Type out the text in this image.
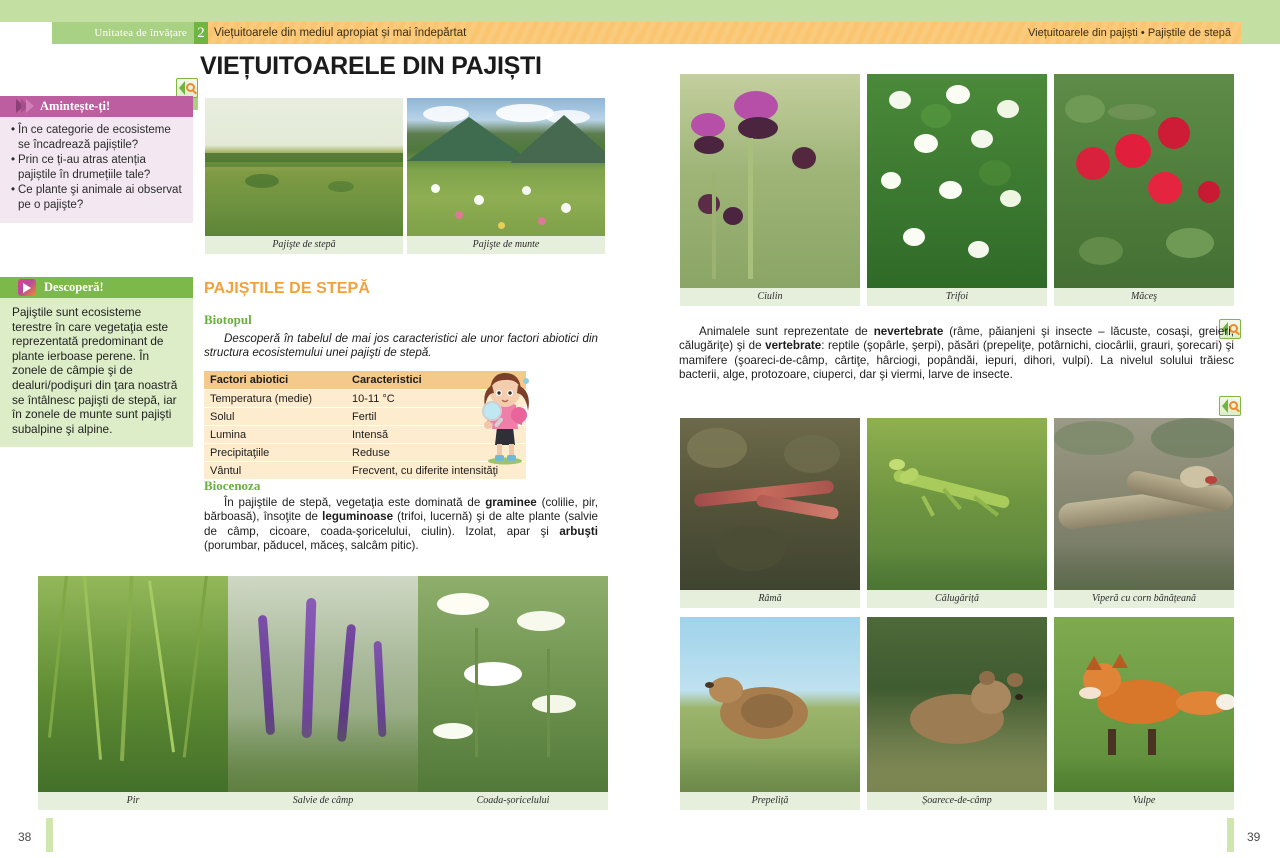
Unitatea de învățare 2 Viețuitoarele din mediul apropiat și mai îndepărtat	Viețuitoarele din pajiști • Pajiștile de stepă
VIEȚUITOARELE DIN PAJIȘTI
Amintește-ți!
• În ce categorie de ecosisteme se încadrează pajiștile?
• Prin ce ți-au atras atenția pajiștile în drumețiile tale?
• Ce plante şi animale ai observat pe o pajişte?
Descoperă!

Pajiştile sunt ecosisteme terestre în care vegetaţia este reprezentată predominant de plante ierboase perene. În zonele de câmpie şi de dealuri/podişuri din ţara noastră se întâlnesc pajişti de stepă, iar în zonele de munte sunt pajişti subalpine şi alpine.

Pajişte de stepă	Pajişte de munte
PAJIȘTILE DE STEPĂ
Biotopul
Descoperă în tabelul de mai jos caracteristici ale unor factori abiotici din structura ecosistemului unei pajişti de stepă.
Factori abiotici	Caracteristici
Temperatura (medie)	10-11 °C
Solul	Fertil
Lumina	Intensă
Precipitaţiile	Reduse
Vântul	Frecvent, cu diferite intensităţi
Biocenoza
În pajiştile de stepă, vegetaţia este dominată de graminee (colilie, pir, bărboasă), însoţite de leguminoase (trifoi, lucernă) şi de alte plante (salvie de câmp, cicoare, coada-şoricelului, ciulin). Izolat, apar şi arbuşti (porumbar, păducel, măceş, salcâm pitic).
Pir	Salvie de câmp	Coada-șoricelului
Ciulin	Trifoi	Măceş
Animalele sunt reprezentate de nevertebrate (râme, păianjeni şi insecte – lăcuste, cosaşi, greieri, călugăriţe) şi de vertebrate: reptile (şopârle, şerpi), păsări (prepeliţe, potârnichi, ciocârlii, grauri, şorecari) şi mamifere (şoareci-de-câmp, cârtiţe, hârciogi, popândăi, iepuri, dihori, vulpi). La nivelul solului trăiesc bacterii, alge, protozoare, ciuperci, dar şi viermi, larve de insecte.
Râmă	Călugăriță	Viperă cu corn bănățeană
Prepeliță	Șoarece-de-câmp	Vulpe
38	39
